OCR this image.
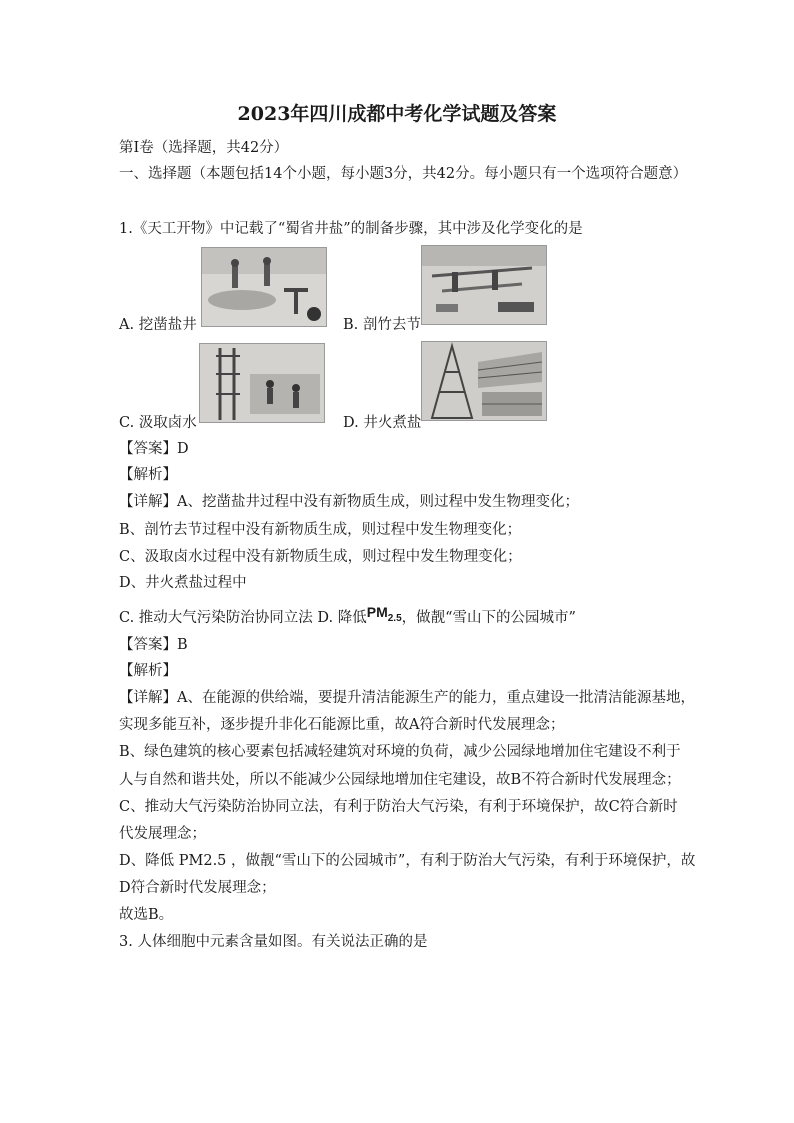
2023年四川成都中考化学试题及答案
第I卷（选择题，共42分）
一、选择题（本题包括14个小题，每小题3分，共42分。每小题只有一个选项符合题意）
1.《天工开物》中记载了“蜀省井盐”的制备步骤，其中涉及化学变化的是
A. 挖凿盐井	B. 剖竹去节
C. 汲取卤水	D. 井火煮盐
【答案】D
【解析】
【详解】A、挖凿盐井过程中没有新物质生成，则过程中发生物理变化；
B、剖竹去节过程中没有新物质生成，则过程中发生物理变化；
C、汲取卤水过程中没有新物质生成，则过程中发生物理变化；
D、井火煮盐过程中
C. 推动大气污染防治协同立法 D. 降低$PM_{2.5}$，做靓“雪山下的公园城市”
【答案】B
【解析】
【详解】A、在能源的供给端，要提升清洁能源生产的能力，重点建设一批清洁能源基地，
实现多能互补，逐步提升非化石能源比重，故A符合新时代发展理念；
B、绿色建筑的核心要素包括减轻建筑对环境的负荷，减少公园绿地增加住宅建设不利于
人与自然和谐共处，所以不能减少公园绿地增加住宅建设，故B不符合新时代发展理念；
C、推动大气污染防治协同立法，有利于防治大气污染，有利于环境保护，故C符合新时
代发展理念；
D、降低 PM2.5 ，做靓“雪山下的公园城市”，有利于防治大气污染，有利于环境保护，故
D符合新时代发展理念；
故选B。
3. 人体细胞中元素含量如图。有关说法正确的是
